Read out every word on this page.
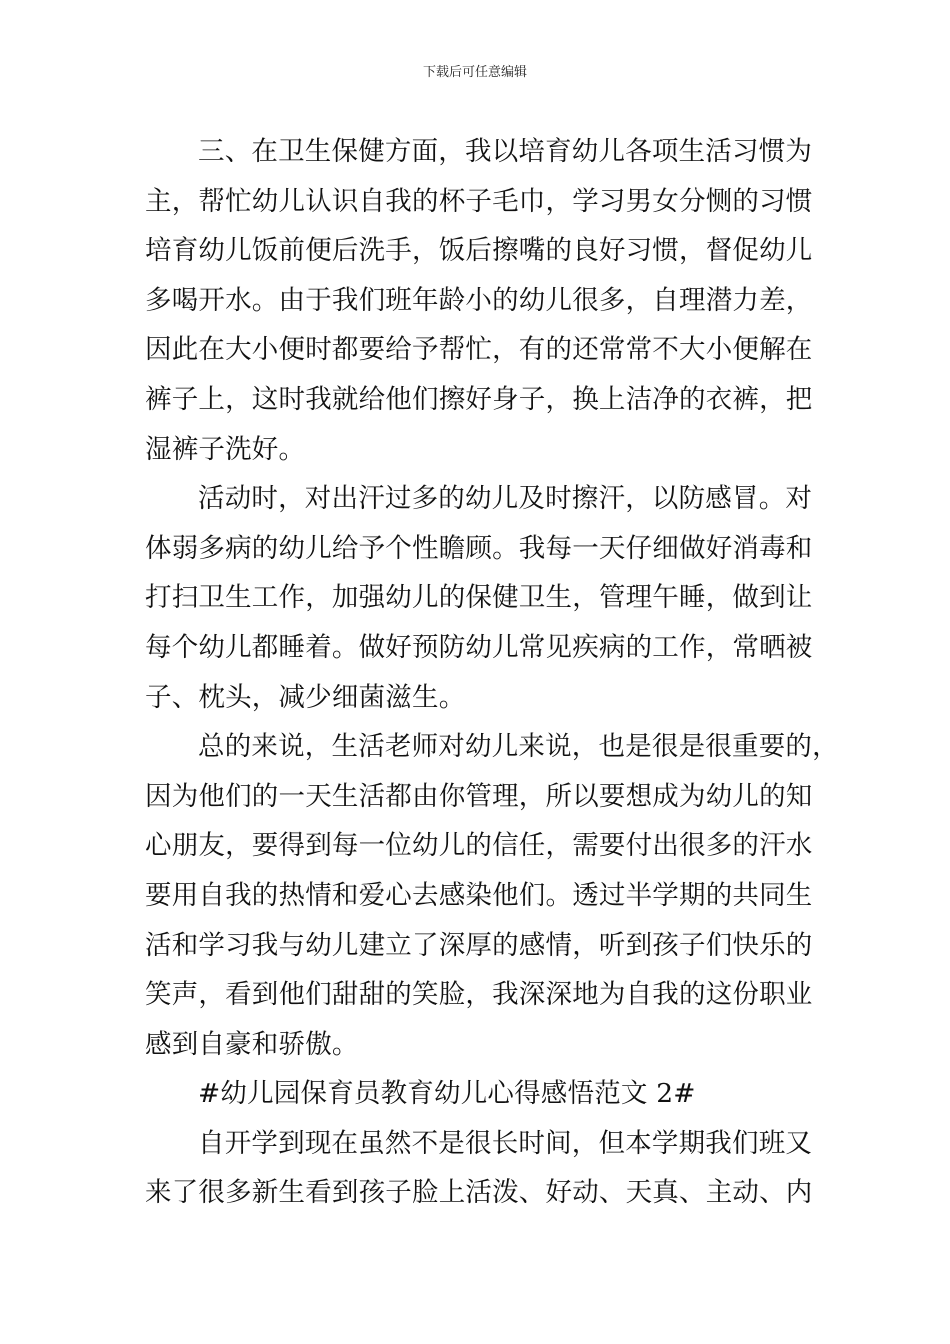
下载后可任意编辑
三、在卫生保健方面，我以培育幼儿各项生活习惯为
主，帮忙幼儿认识自我的杯子毛巾，学习男女分恻的习惯
培育幼儿饭前便后洗手，饭后擦嘴的良好习惯，督促幼儿
多喝开水。由于我们班年龄小的幼儿很多，自理潜力差，
因此在大小便时都要给予帮忙，有的还常常不大小便解在
裤子上，这时我就给他们擦好身子，换上洁净的衣裤，把
湿裤子洗好。
活动时，对出汗过多的幼儿及时擦汗，以防感冒。对
体弱多病的幼儿给予个性瞻顾。我每一天仔细做好消毒和
打扫卫生工作，加强幼儿的保健卫生，管理午睡，做到让
每个幼儿都睡着。做好预防幼儿常见疾病的工作，常晒被
子、枕头，减少细菌滋生。
总的来说，生活老师对幼儿来说，也是很是很重要的，
因为他们的一天生活都由你管理，所以要想成为幼儿的知
心朋友，要得到每一位幼儿的信任，需要付出很多的汗水
要用自我的热情和爱心去感染他们。透过半学期的共同生
活和学习我与幼儿建立了深厚的感情，听到孩子们快乐的
笑声，看到他们甜甜的笑脸，我深深地为自我的这份职业
感到自豪和骄傲。
#幼儿园保育员教育幼儿心得感悟范文 2#
自开学到现在虽然不是很长时间，但本学期我们班又
来了很多新生看到孩子脸上活泼、好动、天真、主动、内
